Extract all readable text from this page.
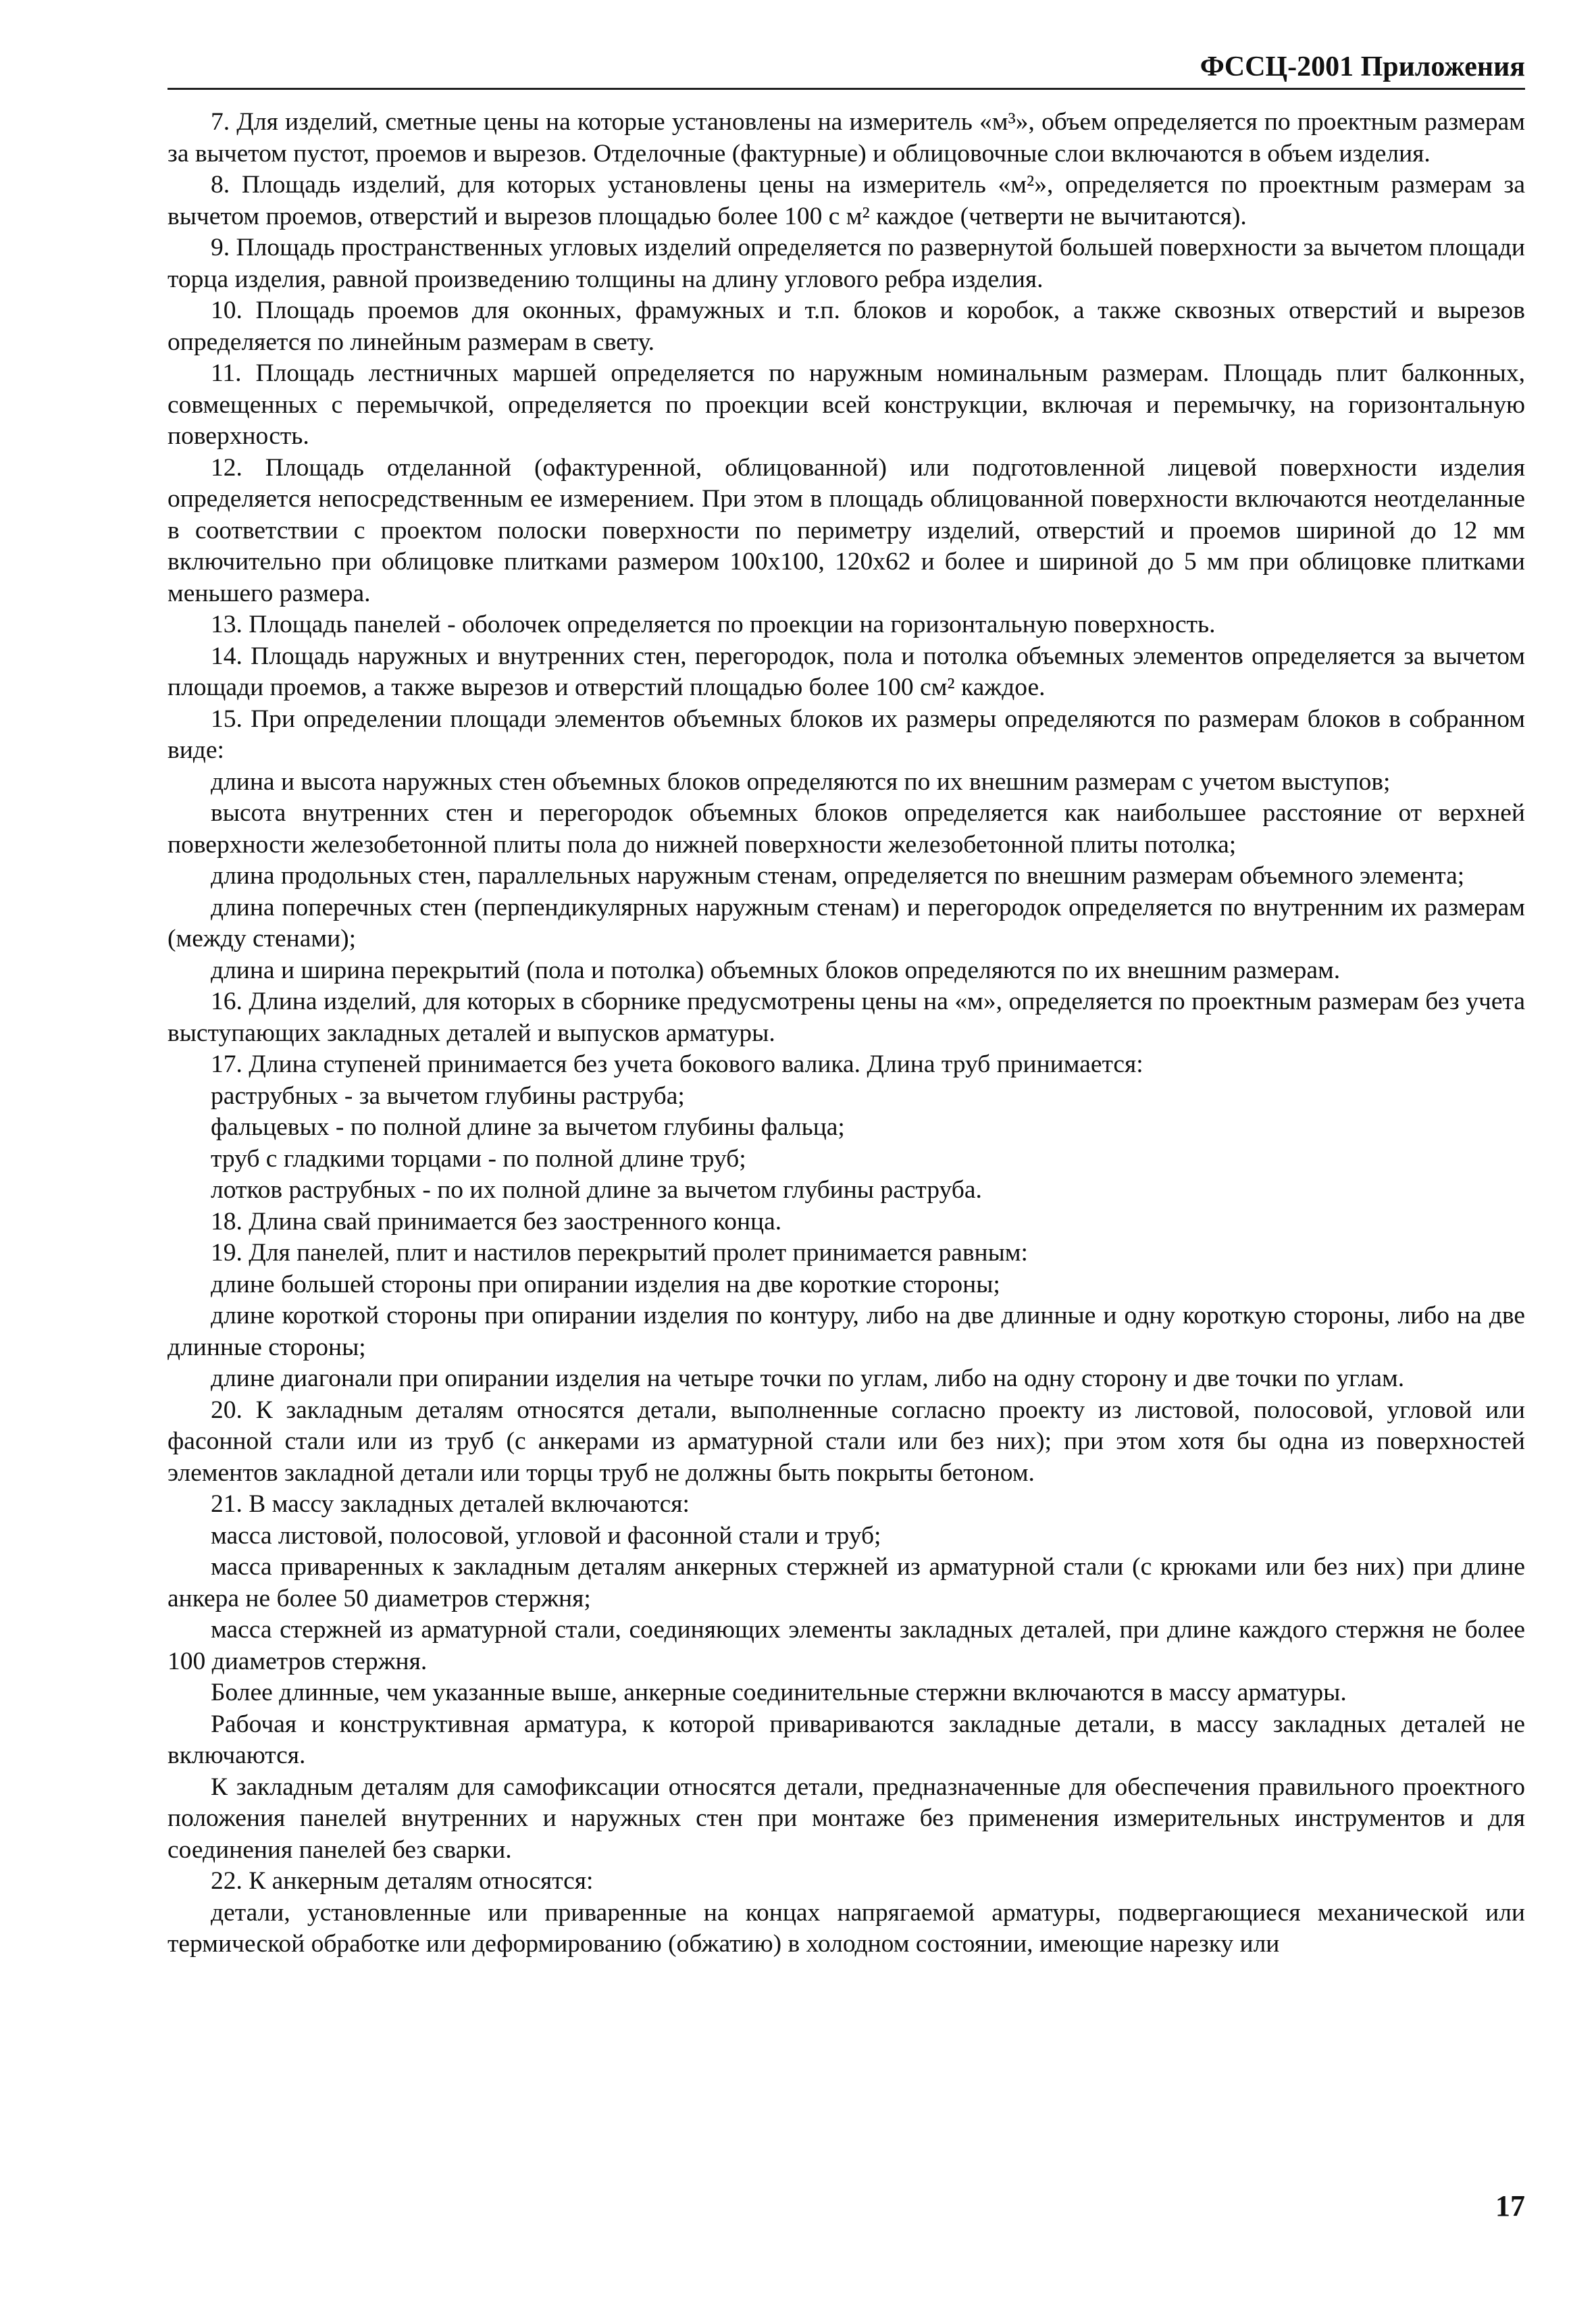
ФССЦ-2001 Приложения

7. Для изделий, сметные цены на которые установлены на измеритель «м³», объем определяется по проектным размерам за вычетом пустот, проемов и вырезов. Отделочные (фактурные) и облицовочные слои включаются в объем изделия.

8. Площадь изделий, для которых установлены цены на измеритель «м²», определяется по проектным размерам за вычетом проемов, отверстий и вырезов площадью более 100 с м² каждое (четверти не вычитаются).

9. Площадь пространственных угловых изделий определяется по развернутой большей поверхности за вычетом площади торца изделия, равной произведению толщины на длину углового ребра изделия.

10. Площадь проемов для оконных, фрамужных и т.п. блоков и коробок, а также сквозных отверстий и вырезов определяется по линейным размерам в свету.

11. Площадь лестничных маршей определяется по наружным номинальным размерам. Площадь плит балконных, совмещенных с перемычкой, определяется по проекции всей конструкции, включая и перемычку, на горизонтальную поверхность.

12. Площадь отделанной (офактуренной, облицованной) или подготовленной лицевой поверхности изделия определяется непосредственным ее измерением. При этом в площадь облицованной поверхности включаются неотделанные в соответствии с проектом полоски поверхности по периметру изделий, отверстий и проемов шириной до 12 мм включительно при облицовке плитками размером 100x100, 120x62 и более и шириной до 5 мм при облицовке плитками меньшего размера.

13. Площадь панелей - оболочек определяется по проекции на горизонтальную поверхность.

14. Площадь наружных и внутренних стен, перегородок, пола и потолка объемных элементов определяется за вычетом площади проемов, а также вырезов и отверстий площадью более 100 см² каждое.

15. При определении площади элементов объемных блоков их размеры определяются по размерам блоков в собранном виде:

длина и высота наружных стен объемных блоков определяются по их внешним размерам с учетом выступов;

высота внутренних стен и перегородок объемных блоков определяется как наибольшее расстояние от верхней поверхности железобетонной плиты пола до нижней поверхности железобетонной плиты потолка;

длина продольных стен, параллельных наружным стенам, определяется по внешним размерам объемного элемента;

длина поперечных стен (перпендикулярных наружным стенам) и перегородок определяется по внутренним их размерам (между стенами);

длина и ширина перекрытий (пола и потолка) объемных блоков определяются по их внешним размерам.

16. Длина изделий, для которых в сборнике предусмотрены цены на «м», определяется по проектным размерам без учета выступающих закладных деталей и выпусков арматуры.

17. Длина ступеней принимается без учета бокового валика. Длина труб принимается:

раструбных - за вычетом глубины раструба;

фальцевых - по полной длине за вычетом глубины фальца;

труб с гладкими торцами - по полной длине труб;

лотков раструбных - по их полной длине за вычетом глубины раструба.

18. Длина свай принимается без заостренного конца.

19. Для панелей, плит и настилов перекрытий пролет принимается равным:

длине большей стороны при опирании изделия на две короткие стороны;

длине короткой стороны при опирании изделия по контуру, либо на две длинные и одну короткую стороны, либо на две длинные стороны;

длине диагонали при опирании изделия на четыре точки по углам, либо на одну сторону и две точки по углам.

20. К закладным деталям относятся детали, выполненные согласно проекту из листовой, полосовой, угловой или фасонной стали или из труб (с анкерами из арматурной стали или без них); при этом хотя бы одна из поверхностей элементов закладной детали или торцы труб не должны быть покрыты бетоном.

21. В массу закладных деталей включаются:

масса листовой, полосовой, угловой и фасонной стали и труб;

масса приваренных к закладным деталям анкерных стержней из арматурной стали (с крюками или без них) при длине анкера не более 50 диаметров стержня;

масса стержней из арматурной стали, соединяющих элементы закладных деталей, при длине каждого стержня не более 100 диаметров стержня.

Более длинные, чем указанные выше, анкерные соединительные стержни включаются в массу арматуры.

Рабочая и конструктивная арматура, к которой привариваются закладные детали, в массу закладных деталей не включаются.

К закладным деталям для самофиксации относятся детали, предназначенные для обеспечения правильного проектного положения панелей внутренних и наружных стен при монтаже без применения измерительных инструментов и для соединения панелей без сварки.

22. К анкерным деталям относятся:

детали, установленные или приваренные на концах напрягаемой арматуры, подвергающиеся механической или термической обработке или деформированию (обжатию) в холодном состоянии, имеющие нарезку или

17
